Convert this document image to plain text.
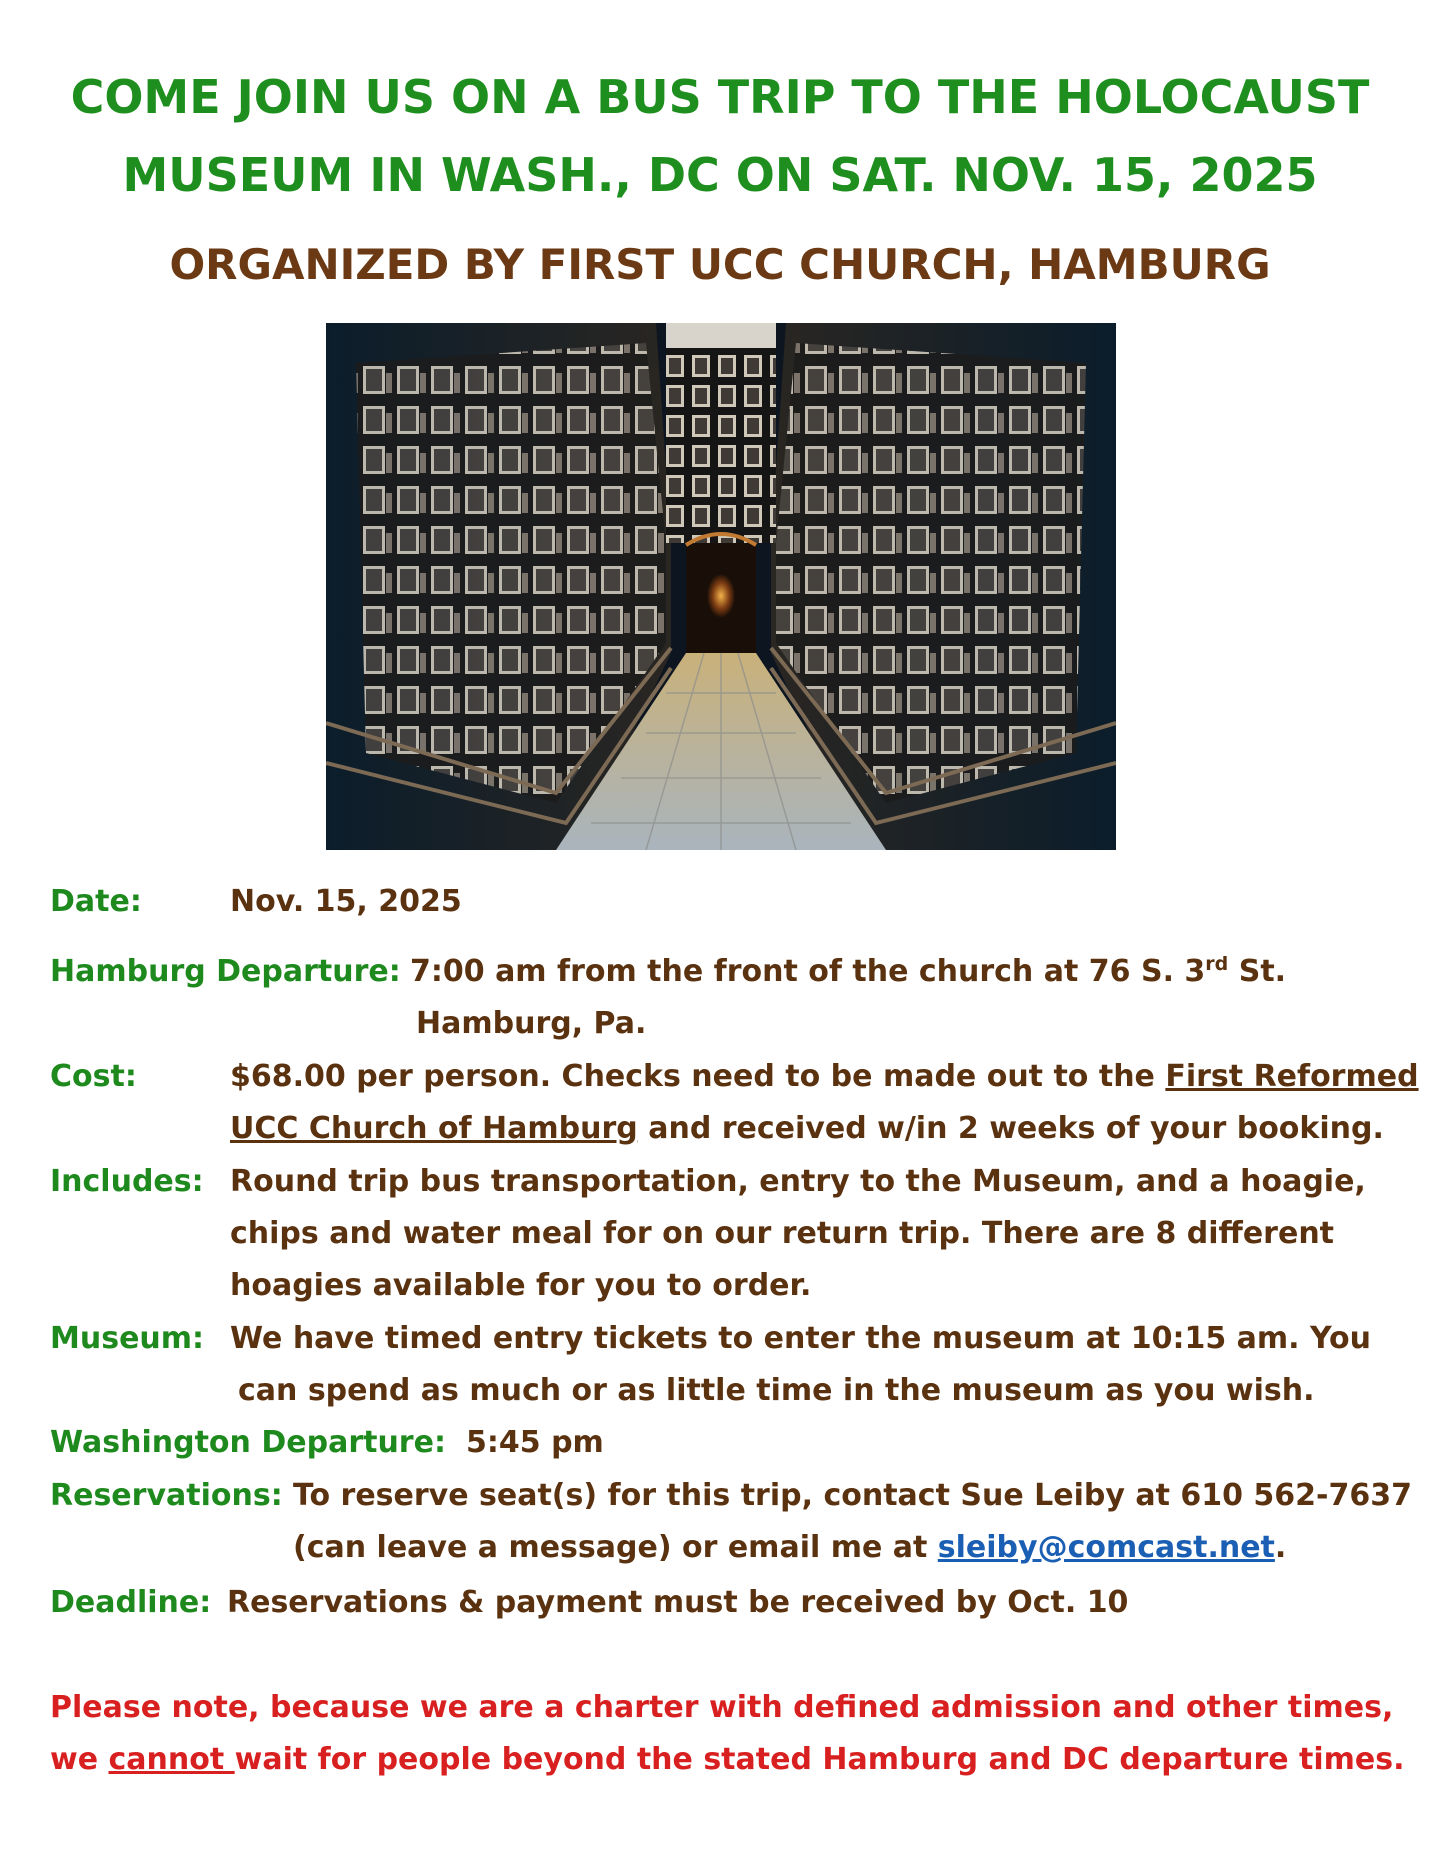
COME JOIN US ON A BUS TRIP TO THE HOLOCAUST
MUSEUM IN WASH., DC ON SAT. NOV. 15, 2025
ORGANIZED BY FIRST UCC CHURCH, HAMBURG
Date:	Nov. 15, 2025
Hamburg Departure: 7:00 am from the front of the church at 76 S. 3rd St.
Hamburg, Pa.
Cost:	$68.00 per person. Checks need to be made out to the First Reformed
UCC Church of Hamburg and received w/in 2 weeks of your booking.
Includes: Round trip bus transportation, entry to the Museum, and a hoagie,
chips and water meal for on our return trip. There are 8 different
hoagies available for you to order.
Museum: We have timed entry tickets to enter the museum at 10:15 am. You
can spend as much or as little time in the museum as you wish.
Washington Departure: 5:45 pm
Reservations: To reserve seat(s) for this trip, contact Sue Leiby at 610 562-7637
(can leave a message) or email me at sleiby@comcast.net.
Deadline: Reservations & payment must be received by Oct. 10
Please note, because we are a charter with defined admission and other times,
we cannot wait for people beyond the stated Hamburg and DC departure times.
